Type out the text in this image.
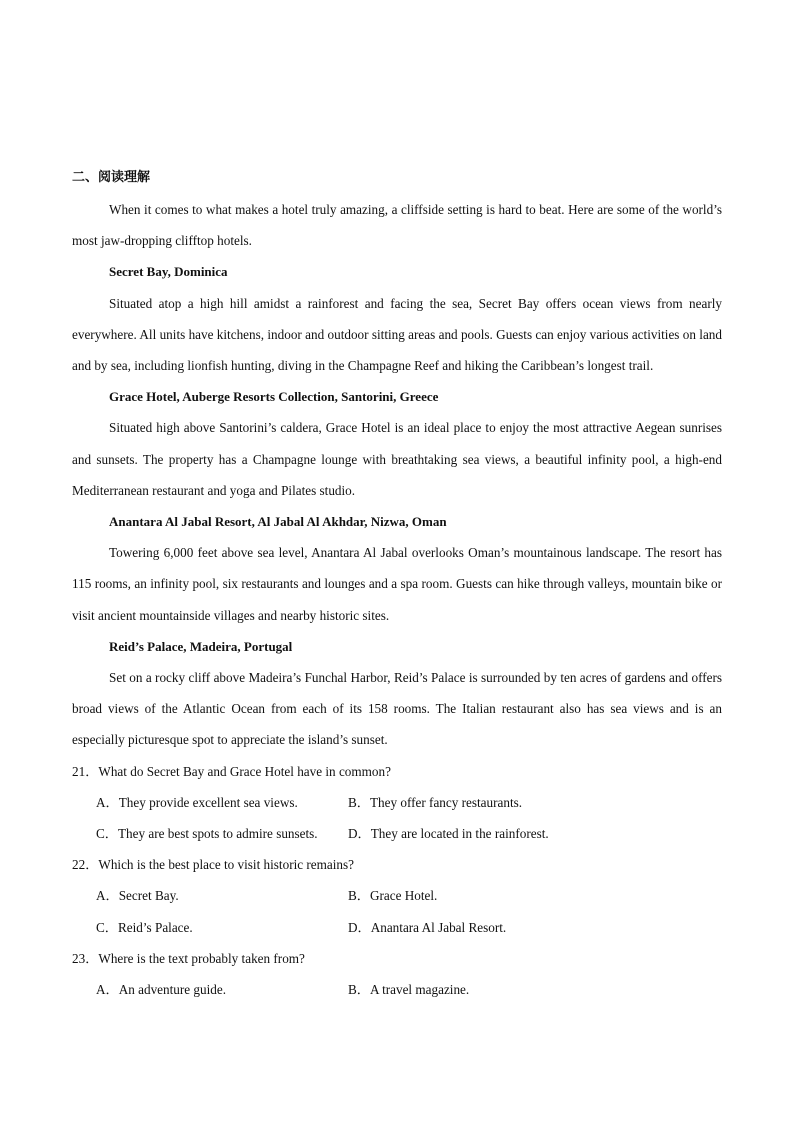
二、阅读理解

When it comes to what makes a hotel truly amazing, a cliffside setting is hard to beat. Here are some of the world’s most jaw-dropping clifftop hotels.

Secret Bay, Dominica

Situated atop a high hill amidst a rainforest and facing the sea, Secret Bay offers ocean views from nearly everywhere. All units have kitchens, indoor and outdoor sitting areas and pools. Guests can enjoy various activities on land and by sea, including lionfish hunting, diving in the Champagne Reef and hiking the Caribbean’s longest trail.

Grace Hotel, Auberge Resorts Collection, Santorini, Greece

Situated high above Santorini’s caldera, Grace Hotel is an ideal place to enjoy the most attractive Aegean sunrises and sunsets. The property has a Champagne lounge with breathtaking sea views, a beautiful infinity pool, a high-end Mediterranean restaurant and yoga and Pilates studio.

Anantara Al Jabal Resort, Al Jabal Al Akhdar, Nizwa, Oman

Towering 6,000 feet above sea level, Anantara Al Jabal overlooks Oman’s mountainous landscape. The resort has 115 rooms, an infinity pool, six restaurants and lounges and a spa room. Guests can hike through valleys, mountain bike or visit ancient mountainside villages and nearby historic sites.

Reid’s Palace, Madeira, Portugal

Set on a rocky cliff above Madeira’s Funchal Harbor, Reid’s Palace is surrounded by ten acres of gardens and offers broad views of the Atlantic Ocean from each of its 158 rooms. The Italian restaurant also has sea views and is an especially picturesque spot to appreciate the island’s sunset.

21．What do Secret Bay and Grace Hotel have in common?
A．They provide excellent sea views.	B．They offer fancy restaurants.
C．They are best spots to admire sunsets.	D．They are located in the rainforest.
22．Which is the best place to visit historic remains?
A．Secret Bay.	B．Grace Hotel.
C．Reid’s Palace.	D．Anantara Al Jabal Resort.
23．Where is the text probably taken from?
A．An adventure guide.	B．A travel magazine.
